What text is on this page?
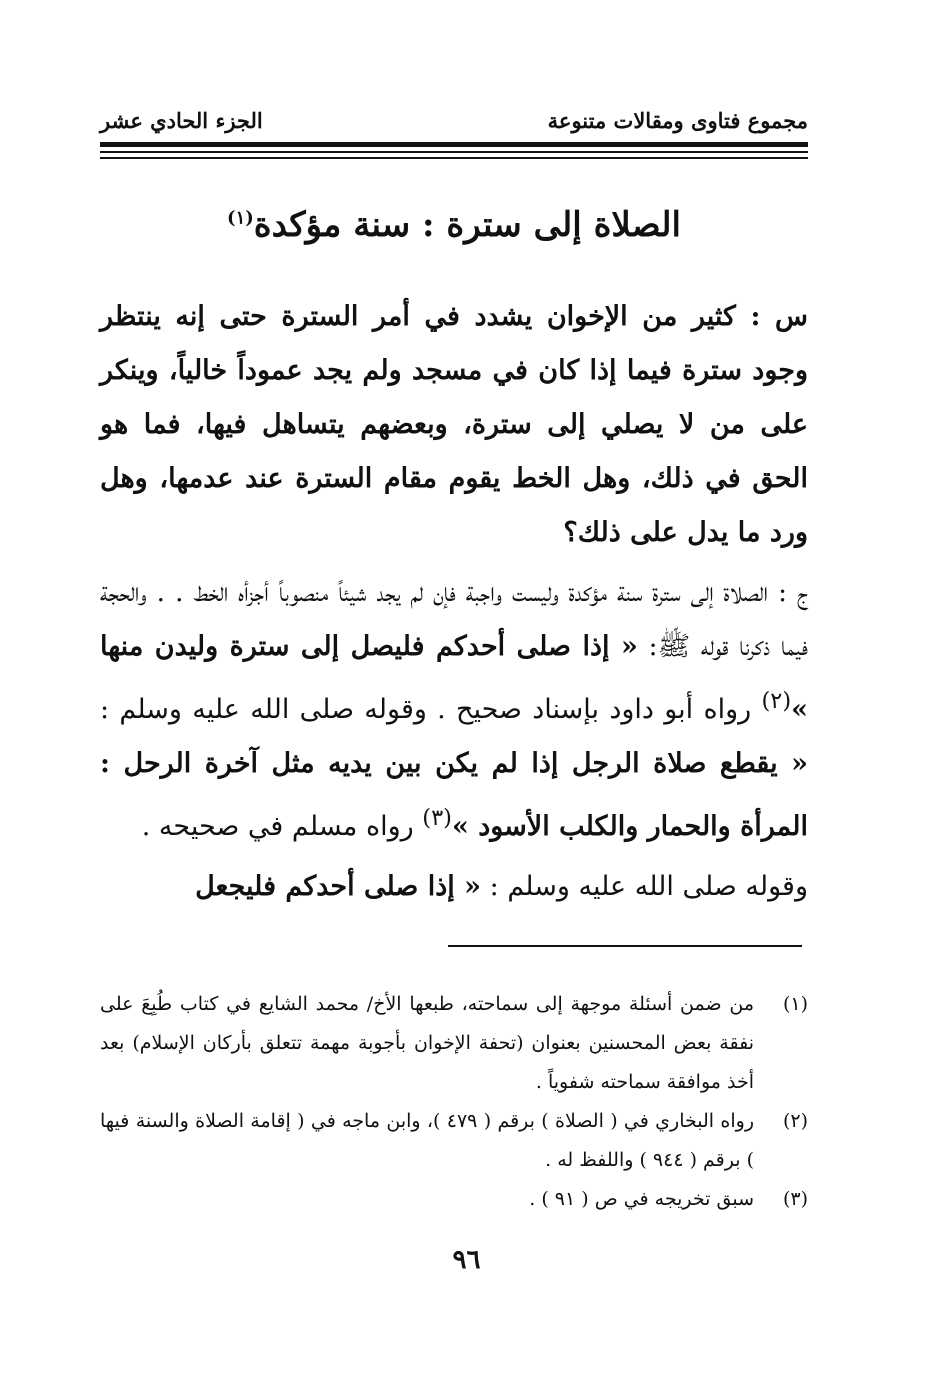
مجموع فتاوى ومقالات متنوعة
الجزء الحادي عشر
الصلاة إلى سترة : سنة مؤكدة$^{(١)}$

س : كثير من الإخوان يشدد في أمر السترة حتى إنه ينتظر وجود سترة فيما إذا كان في مسجد ولم يجد عموداً خالياً، وينكر على من لا يصلي إلى سترة، وبعضهم يتساهل فيها، فما هو الحق في ذلك، وهل الخط يقوم مقام السترة عند عدمها، وهل ورد ما يدل على ذلك؟

ج : الصلاة إلى سترة سنة مؤكدة وليست واجبة فإن لم يجد شيئاً منصوباً أجزأه الخط . . والحجة فيما ذكرنا قوله ﷺ: « إذا صلى أحدكم فليصل إلى سترة وليدن منها »$^{(٢)}$ رواه أبو داود بإسناد صحيح . وقوله صلى الله عليه وسلم : « يقطع صلاة الرجل إذا لم يكن بين يديه مثل آخرة الرحل : المرأة والحمار والكلب الأسود »$^{(٣)}$ رواه مسلم في صحيحه .

وقوله صلى الله عليه وسلم : « إذا صلى أحدكم فليجعل

(١)
من ضمن أسئلة موجهة إلى سماحته، طبعها الأخ/ محمد الشايع في كتاب طُبِعَ على نفقة بعض المحسنين بعنوان (تحفة الإخوان بأجوبة مهمة تتعلق بأركان الإسلام) بعد أخذ موافقة سماحته شفوياً .
(٢)
رواه البخاري في ( الصلاة ) برقم ( ٤٧٩ )، وابن ماجه في ( إقامة الصلاة والسنة فيها ) برقم ( ٩٤٤ ) واللفظ له .
(٣)
سبق تخريجه في ص ( ٩١ ) .
٩٦
